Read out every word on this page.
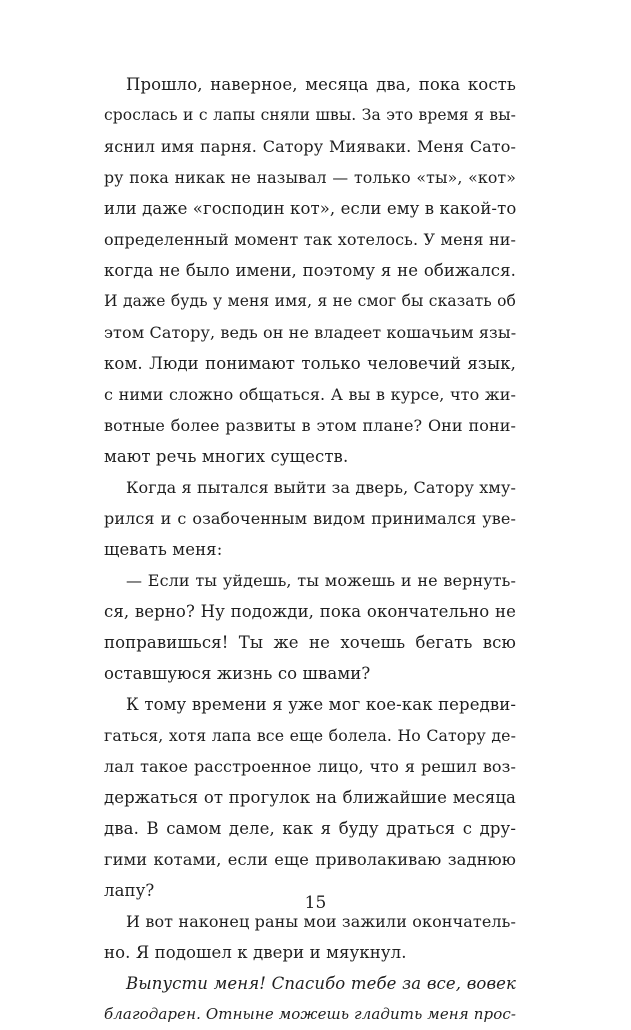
Прошло, наверное, месяца два, пока кость
срослась и с лапы сняли швы. За это время я вы-
яснил имя парня. Сатору Мияваки. Меня Сато-
ру пока никак не называл — только «ты», «кот»
или даже «господин кот», если ему в какой-то
определенный момент так хотелось. У меня ни-
когда не было имени, поэтому я не обижался.
И даже будь у меня имя, я не смог бы сказать об
этом Сатору, ведь он не владеет кошачьим язы-
ком. Люди понимают только человечий язык,
с ними сложно общаться. А вы в курсе, что жи-
вотные более развиты в этом плане? Они пони-
мают речь многих существ.
Когда я пытался выйти за дверь, Сатору хму-
рился и с озабоченным видом принимался уве-
щевать меня:
— Если ты уйдешь, ты можешь и не вернуть-
ся, верно? Ну подожди, пока окончательно не
поправишься! Ты же не хочешь бегать всю
оставшуюся жизнь со швами?
К тому времени я уже мог кое-как передви-
гаться, хотя лапа все еще болела. Но Сатору де-
лал такое расстроенное лицо, что я решил воз-
держаться от прогулок на ближайшие месяца
два. В самом деле, как я буду драться с дру-
гими котами, если еще приволакиваю заднюю
лапу?
И вот наконец раны мои зажили окончатель-
но. Я подошел к двери и мяукнул.
Выпусти меня! Спасибо тебе за все, вовек
благодарен. Отныне можешь гладить меня прос-
15
